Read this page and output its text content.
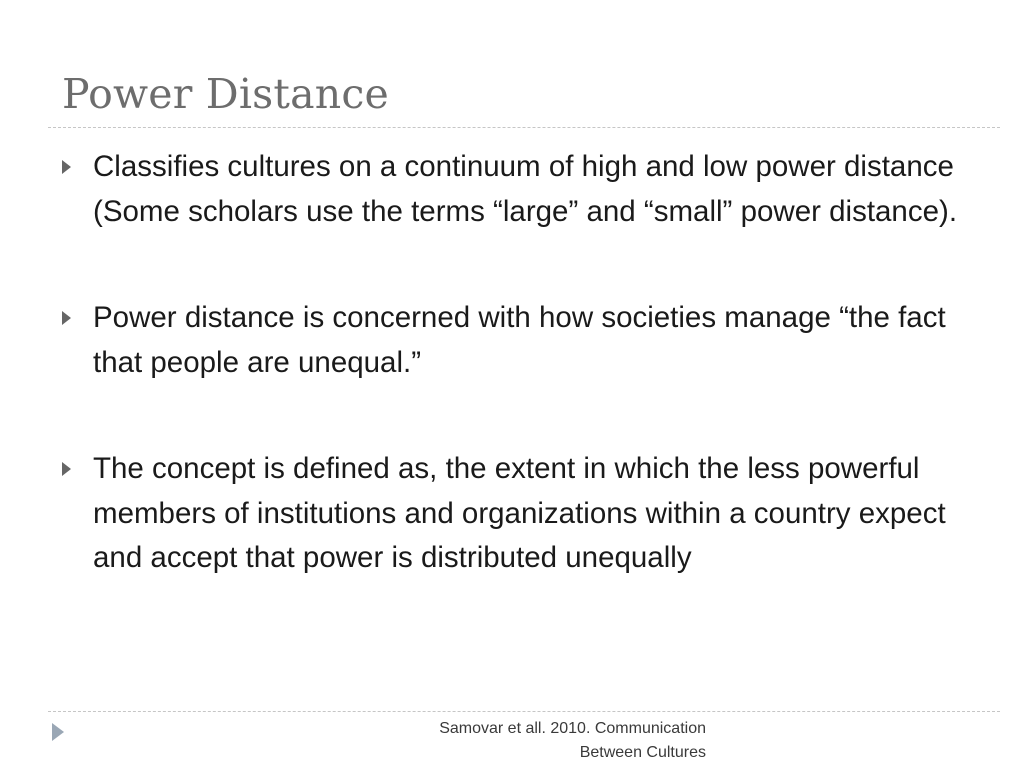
Power Distance
Classifies cultures on a continuum of high and low power distance (Some scholars use the terms “large” and “small” power distance).
Power distance is concerned with how societies manage “the fact that people are unequal.”
The concept is defined as, the extent in which the less powerful members of institutions and organizations within a country expect and accept that power is distributed unequally
Samovar et all. 2010. Communication
Between Cultures
